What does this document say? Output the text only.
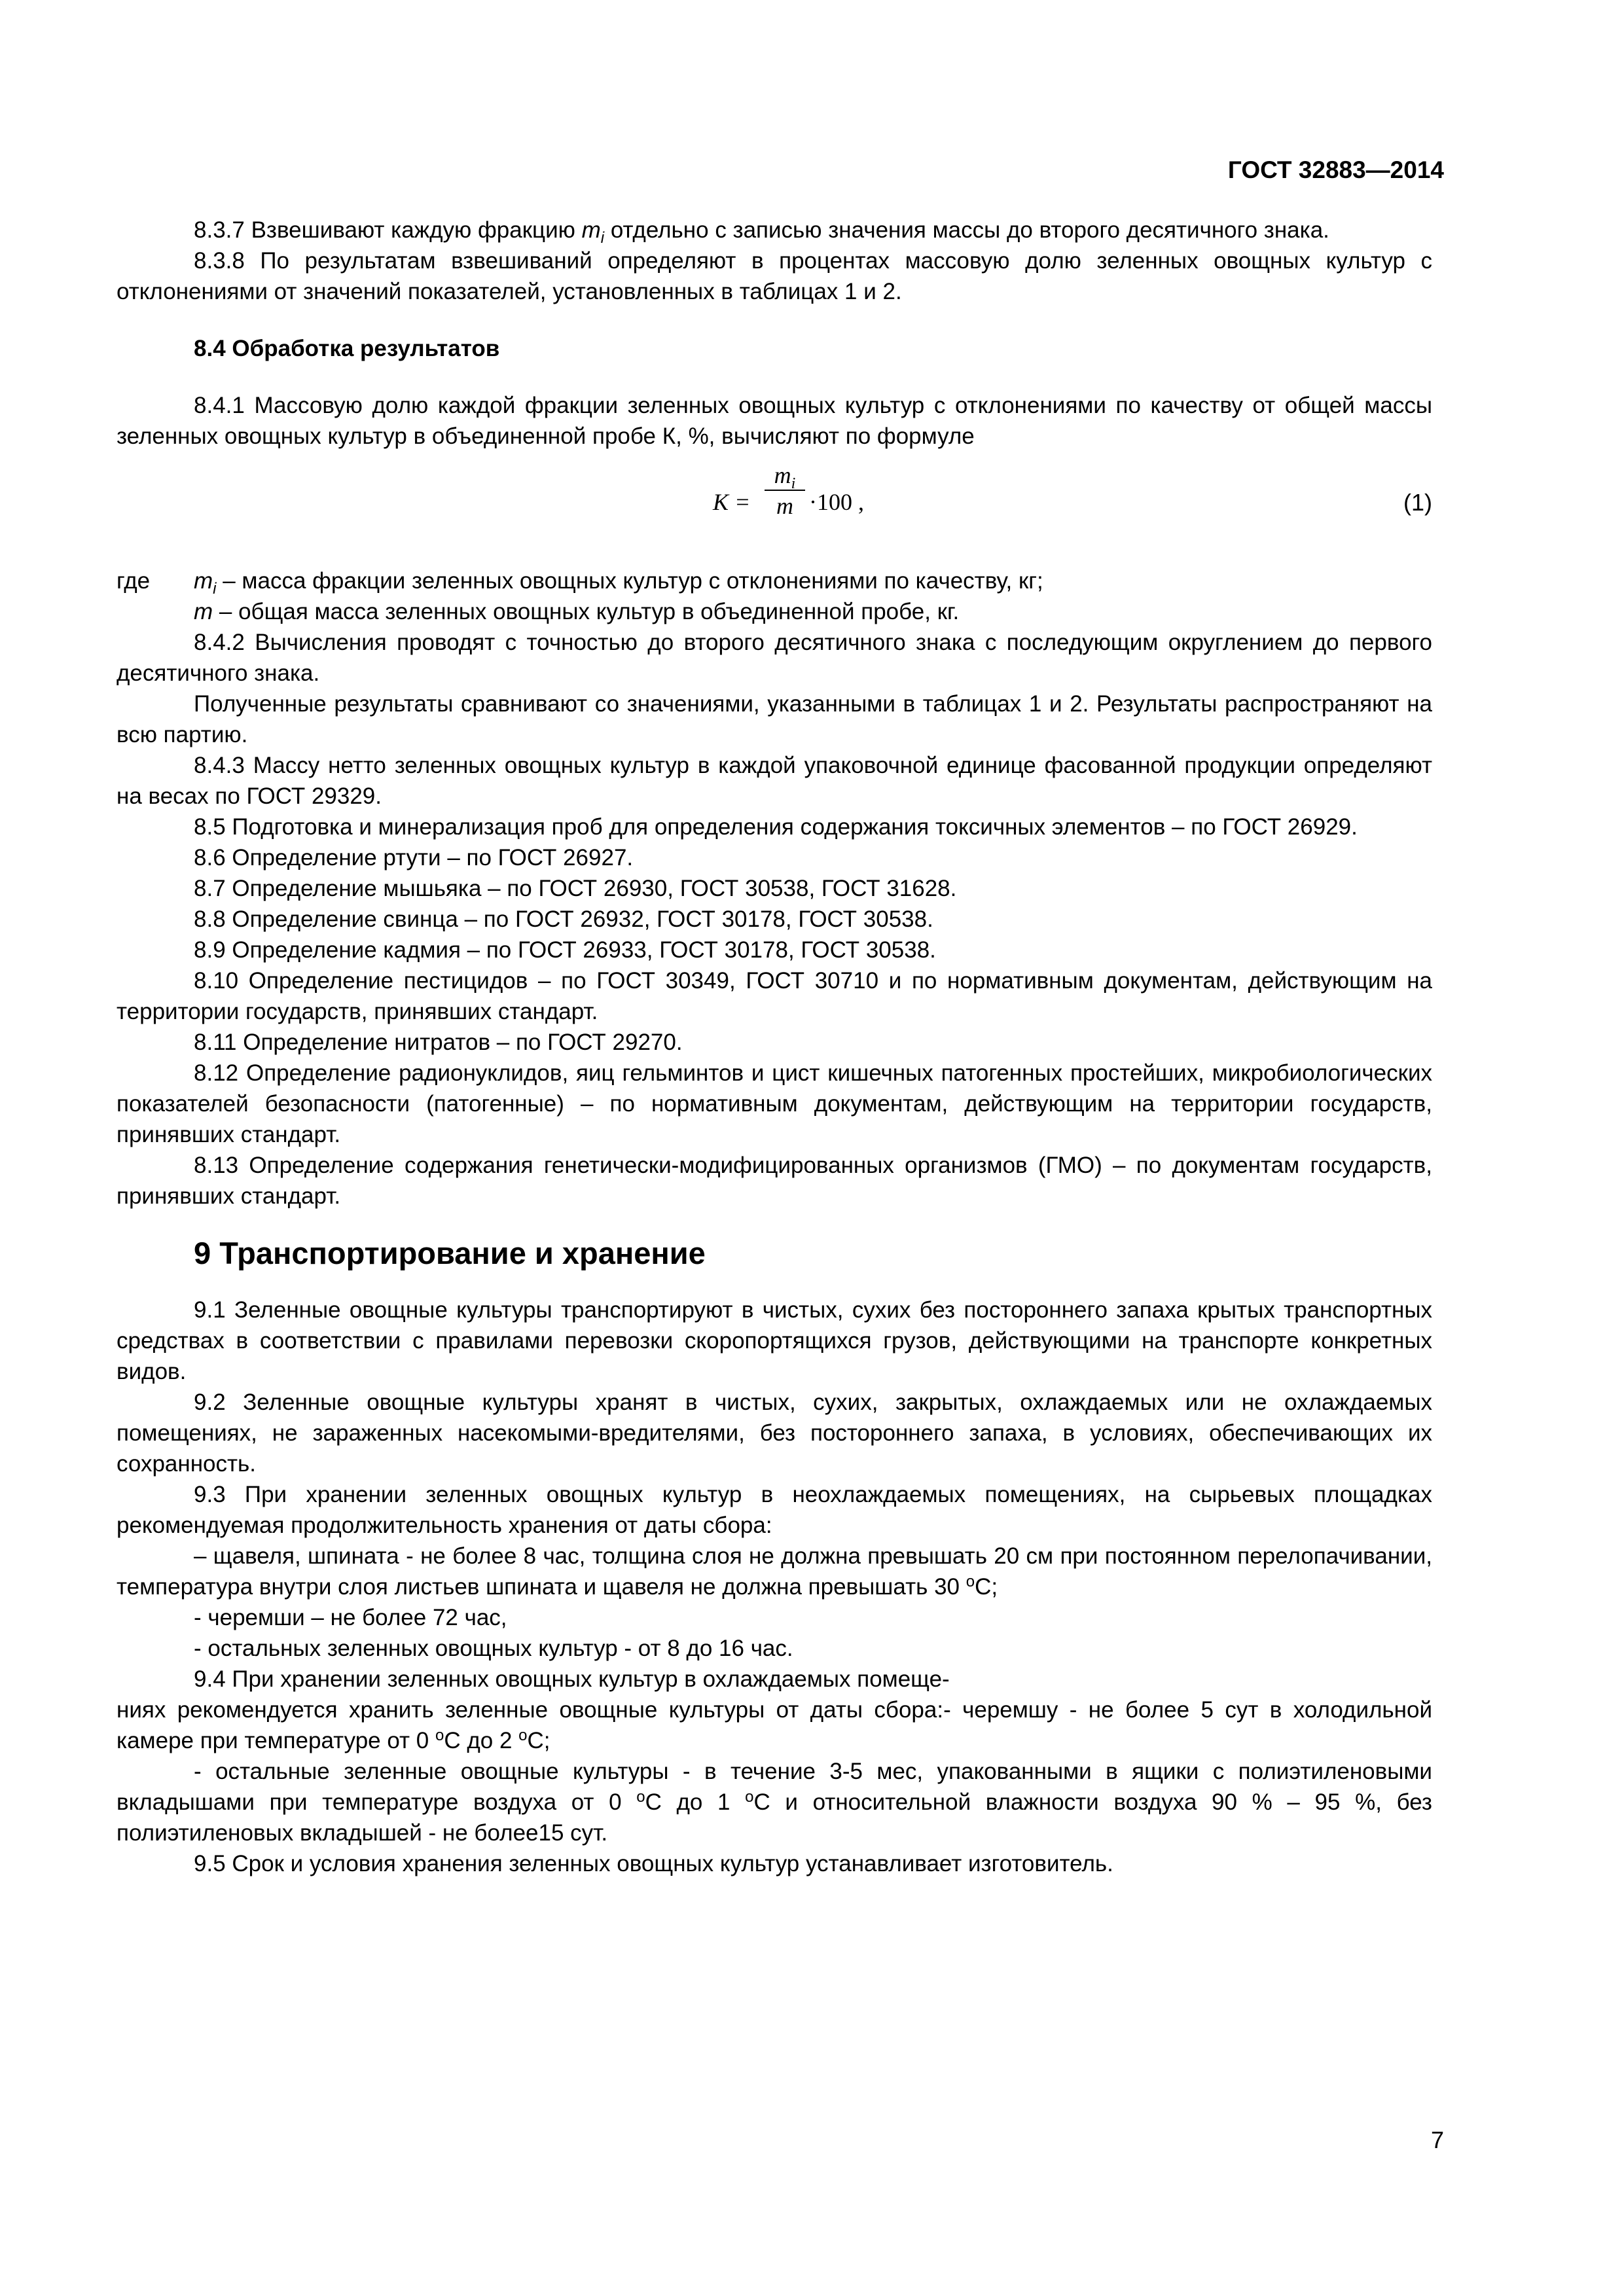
ГОСТ 32883—2014

8.3.7 Взвешивают каждую фракцию $m_i$ отдельно с записью значения массы до второго десятичного знака.

8.3.8 По результатам взвешиваний определяют в процентах массовую долю зеленных овощных культур с отклонениями от значений показателей, установленных в таблицах 1 и 2.

8.4 Обработка результатов

8.4.1 Массовую долю каждой фракции зеленных овощных культур с отклонениями по качеству от общей массы зеленных овощных культур в объединенной пробе К, %, вычисляют по формуле

$K = \frac{m_i}{m} \cdot 100$ ,	(1)
где	$m_i$ – масса фракции зеленных овощных культур с отклонениями по качеству, кг;

m – общая масса зеленных овощных культур в объединенной пробе, кг.

8.4.2 Вычисления проводят с точностью до второго десятичного знака с последующим округлением до первого десятичного знака.

Полученные результаты сравнивают со значениями, указанными в таблицах 1 и 2. Результаты распространяют на всю партию.

8.4.3 Массу нетто зеленных овощных культур в каждой упаковочной единице фасованной продукции определяют на весах по ГОСТ 29329.

8.5 Подготовка и минерализация проб для определения содержания токсичных элементов – по ГОСТ 26929.

8.6 Определение ртути – по ГОСТ 26927.

8.7 Определение мышьяка – по ГОСТ 26930, ГОСТ 30538, ГОСТ 31628.

8.8 Определение свинца – по ГОСТ 26932, ГОСТ 30178, ГОСТ 30538.

8.9 Определение кадмия – по ГОСТ 26933, ГОСТ 30178, ГОСТ 30538.

8.10 Определение пестицидов – по ГОСТ 30349, ГОСТ 30710 и по нормативным документам, действующим на территории государств, принявших стандарт.

8.11 Определение нитратов – по ГОСТ 29270.

8.12 Определение радионуклидов, яиц гельминтов и цист кишечных патогенных простейших, микробиологических показателей безопасности (патогенные) – по нормативным документам, действующим на территории государств, принявших стандарт.

8.13 Определение содержания генетически-модифицированных организмов (ГМО) – по документам государств, принявших стандарт.

9 Транспортирование и хранение

9.1 Зеленные овощные культуры транспортируют в чистых, сухих без постороннего запаха крытых транспортных средствах в соответствии с правилами перевозки скоропортящихся грузов, действующими на транспорте конкретных видов.

9.2 Зеленные овощные культуры хранят в чистых, сухих, закрытых, охлаждаемых или не охлаждаемых помещениях, не зараженных насекомыми-вредителями, без постороннего запаха, в условиях, обеспечивающих их сохранность.

9.3 При хранении зеленных овощных культур в неохлаждаемых помещениях, на сырьевых площадках рекомендуемая продолжительность хранения от даты сбора:

– щавеля, шпината - не более 8 час, толщина слоя не должна превышать 20 см при постоянном перелопачивании, температура внутри слоя листьев шпината и щавеля не должна превышать 30 $^o$С;

- черемши – не более 72 час,

- остальных зеленных овощных культур - от 8 до 16 час.

9.4 При хранении зеленных овощных культур в охлаждаемых помеще-

ниях рекомендуется хранить зеленные овощные культуры от даты сбора:- черемшу - не более 5 сут в холодильной камере при температуре от 0 $^o$С до 2 $^o$С;

- остальные зеленные овощные культуры - в течение 3-5 мес, упакованными в ящики с полиэтиленовыми вкладышами при температуре воздуха от 0 $^o$С до 1 $^o$С и относительной влажности воздуха 90 % – 95 %, без полиэтиленовых вкладышей - не более15 сут.

9.5 Срок и условия хранения зеленных овощных культур устанавливает изготовитель.

7
